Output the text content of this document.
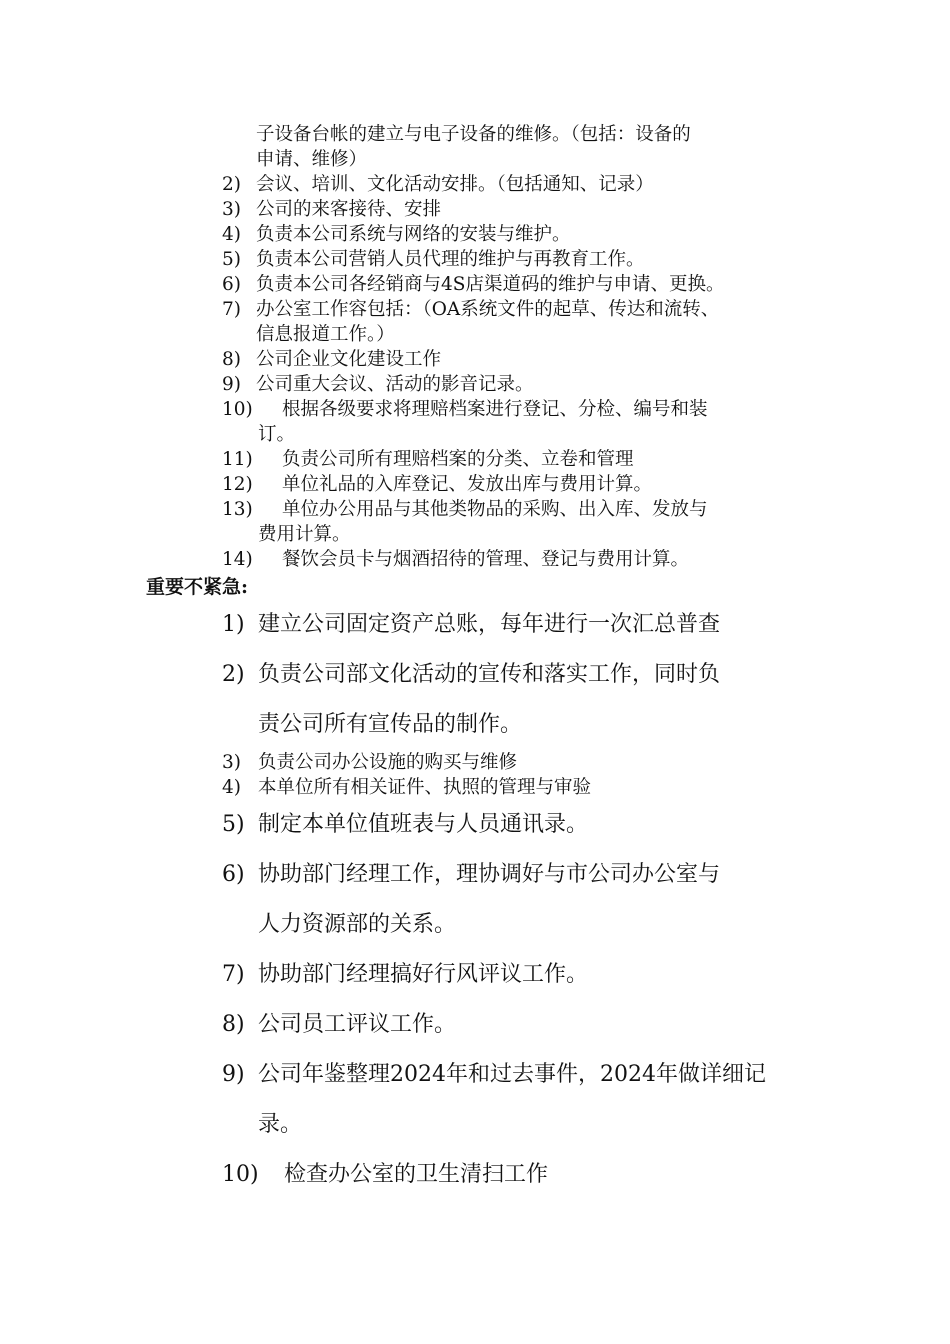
子设备台帐的建立与电子设备的维修。（包括：设备的
申请、维修）
2) 会议、培训、文化活动安排。（包括通知、记录）
3) 公司的来客接待、安排
4) 负责本公司系统与网络的安装与维护。
5) 负责本公司营销人员代理的维护与再教育工作。
6) 负责本公司各经销商与4S店渠道码的维护与申请、更换。
7) 办公室工作容包括：（OA系统文件的起草、传达和流转、
信息报道工作。）
8) 公司企业文化建设工作
9) 公司重大会议、活动的影音记录。
10)	根据各级要求将理赔档案进行登记、分检、编号和装
订。
11)	负责公司所有理赔档案的分类、立卷和管理
12)	单位礼品的入库登记、发放出库与费用计算。
13)	单位办公用品与其他类物品的采购、出入库、发放与
费用计算。
14)	餐饮会员卡与烟酒招待的管理、登记与费用计算。
重要不紧急:
1) 建立公司固定资产总账，每年进行一次汇总普查
2) 负责公司部文化活动的宣传和落实工作，同时负
责公司所有宣传品的制作。
3) 负责公司办公设施的购买与维修
4) 本单位所有相关证件、执照的管理与审验
5) 制定本单位值班表与人员通讯录。
6) 协助部门经理工作，理协调好与市公司办公室与
人力资源部的关系。
7) 协助部门经理搞好行风评议工作。
8) 公司员工评议工作。
9) 公司年鉴整理2024年和过去事件，2024年做详细记
录。
10)	检查办公室的卫生清扫工作
